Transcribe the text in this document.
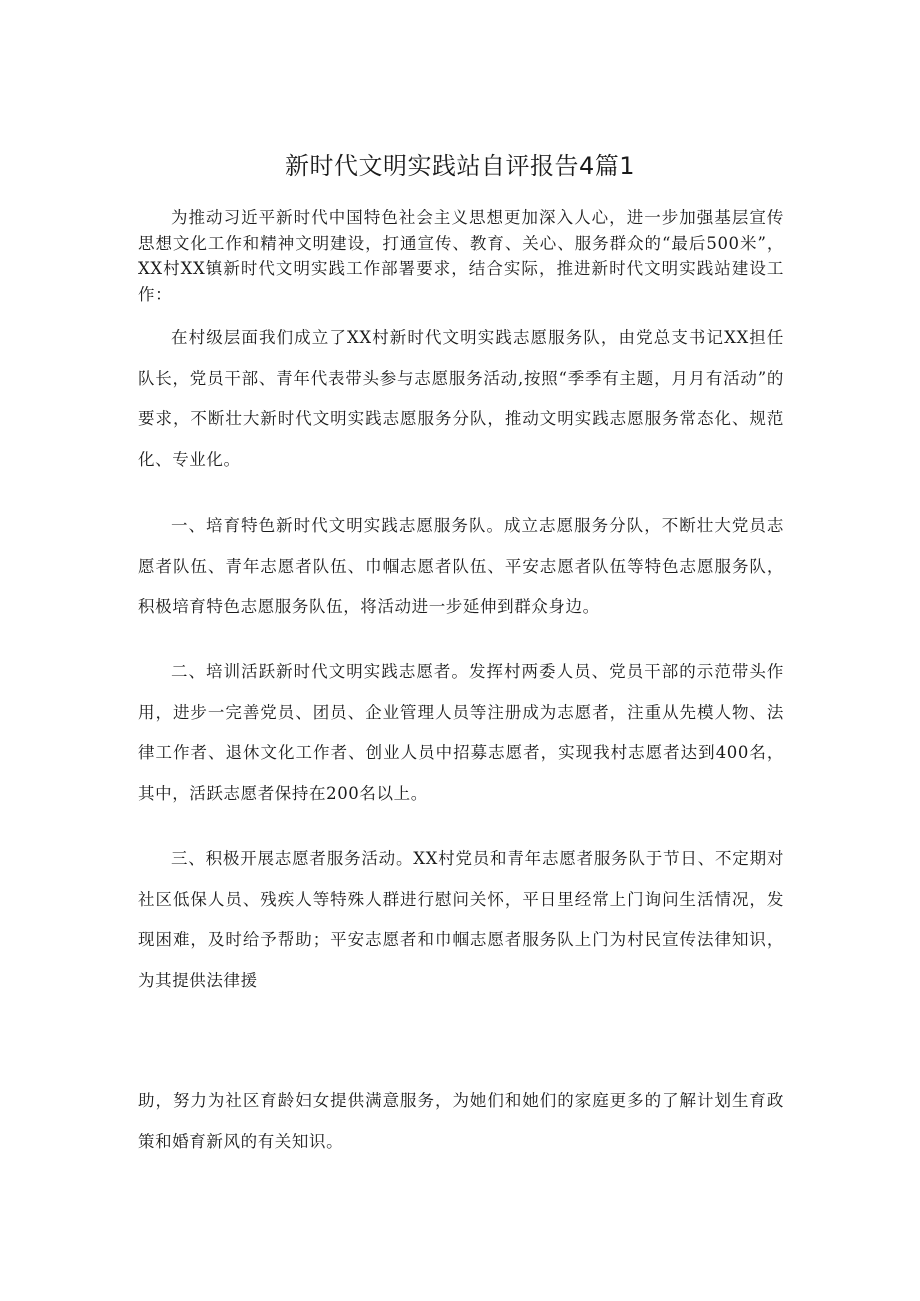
新时代文明实践站自评报告4篇1

为推动习近平新时代中国特色社会主义思想更加深入人心，进一步加强基层宣传思想文化工作和精神文明建设，打通宣传、教育、关心、服务群众的“最后500米”，XX村XX镇新时代文明实践工作部署要求，结合实际，推进新时代文明实践站建设工作：

在村级层面我们成立了XX村新时代文明实践志愿服务队，由党总支书记XX担任队长，党员干部、青年代表带头参与志愿服务活动,按照“季季有主题，月月有活动”的要求，不断壮大新时代文明实践志愿服务分队，推动文明实践志愿服务常态化、规范化、专业化。

一、培育特色新时代文明实践志愿服务队。成立志愿服务分队，不断壮大党员志愿者队伍、青年志愿者队伍、巾帼志愿者队伍、平安志愿者队伍等特色志愿服务队，积极培育特色志愿服务队伍，将活动进一步延伸到群众身边。

二、培训活跃新时代文明实践志愿者。发挥村两委人员、党员干部的示范带头作用，进步一完善党员、团员、企业管理人员等注册成为志愿者，注重从先模人物、法律工作者、退休文化工作者、创业人员中招募志愿者，实现我村志愿者达到400名，其中，活跃志愿者保持在200名以上。

三、积极开展志愿者服务活动。XX村党员和青年志愿者服务队于节日、不定期对社区低保人员、残疾人等特殊人群进行慰问关怀，平日里经常上门询问生活情况，发现困难，及时给予帮助；平安志愿者和巾帼志愿者服务队上门为村民宣传法律知识，为其提供法律援

助，努力为社区育龄妇女提供满意服务，为她们和她们的家庭更多的了解计划生育政策和婚育新风的有关知识。
